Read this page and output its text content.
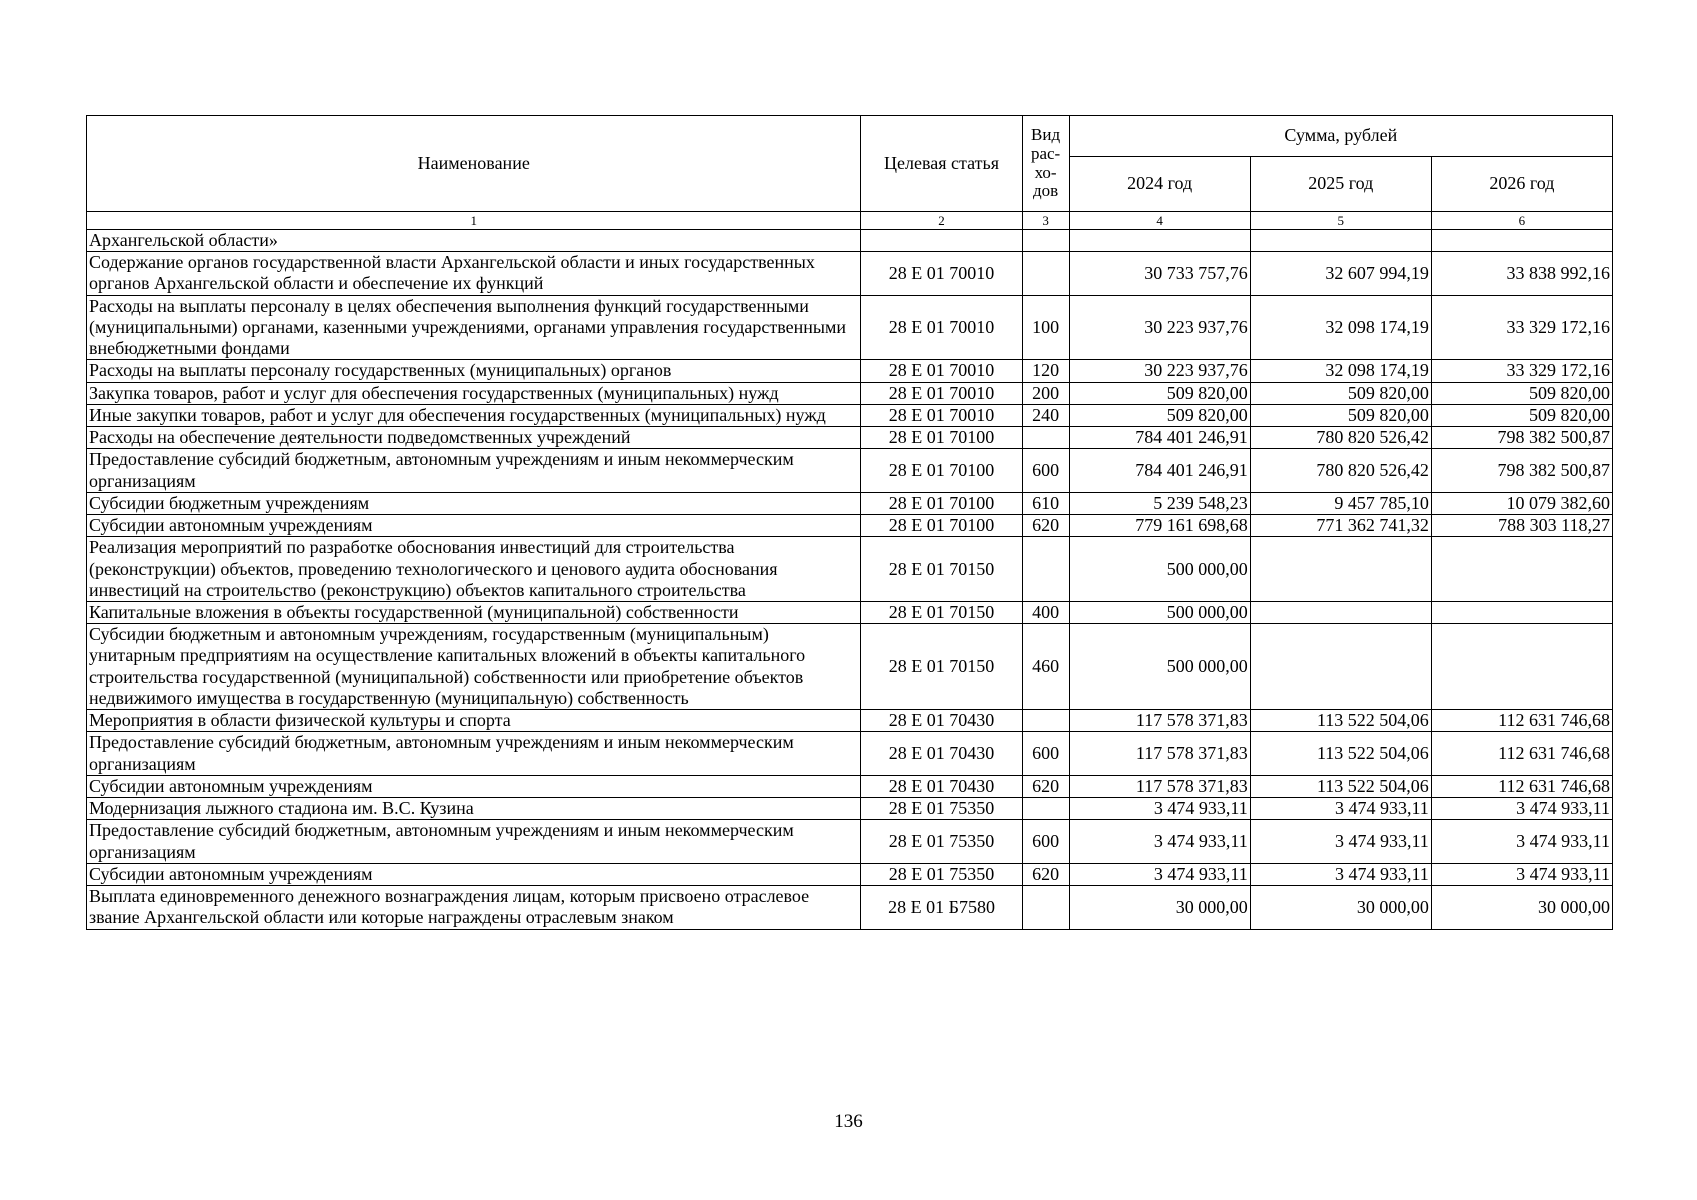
Наименование	Целевая статья	Вид рас-хо-дов	Сумма, рублей		
			2024 год	2025 год	2026 год
1	2	3	4	5	6
Архангельской области»					
Содержание органов государственной власти Архангельской области и иных государственных органов Архангельской области и обеспечение их функций	28 Е 01 70010		30 733 757,76	32 607 994,19	33 838 992,16
Расходы на выплаты персоналу в целях обеспечения выполнения функций государственными (муниципальными) органами, казенными учреждениями, органами управления государственными внебюджетными фондами	28 Е 01 70010	100	30 223 937,76	32 098 174,19	33 329 172,16
Расходы на выплаты персоналу государственных (муниципальных) органов	28 Е 01 70010	120	30 223 937,76	32 098 174,19	33 329 172,16
Закупка товаров, работ и услуг для обеспечения государственных (муниципальных) нужд	28 Е 01 70010	200	509 820,00	509 820,00	509 820,00
Иные закупки товаров, работ и услуг для обеспечения государственных (муниципальных) нужд	28 Е 01 70010	240	509 820,00	509 820,00	509 820,00
Расходы на обеспечение деятельности подведомственных учреждений	28 Е 01 70100		784 401 246,91	780 820 526,42	798 382 500,87
Предоставление субсидий бюджетным, автономным учреждениям и иным некоммерческим организациям	28 Е 01 70100	600	784 401 246,91	780 820 526,42	798 382 500,87
Субсидии бюджетным учреждениям	28 Е 01 70100	610	5 239 548,23	9 457 785,10	10 079 382,60
Субсидии автономным учреждениям	28 Е 01 70100	620	779 161 698,68	771 362 741,32	788 303 118,27
Реализация мероприятий по разработке обоснования инвестиций для строительства (реконструкции) объектов, проведению технологического и ценового аудита обоснования инвестиций на строительство (реконструкцию) объектов капитального строительства	28 Е 01 70150		500 000,00		
Капитальные вложения в объекты государственной (муниципальной) собственности	28 Е 01 70150	400	500 000,00		
Субсидии бюджетным и автономным учреждениям, государственным (муниципальным) унитарным предприятиям на осуществление капитальных вложений в объекты капитального строительства государственной (муниципальной) собственности или приобретение объектов недвижимого имущества в государственную (муниципальную) собственность	28 Е 01 70150	460	500 000,00		
Мероприятия в области физической культуры и спорта	28 Е 01 70430		117 578 371,83	113 522 504,06	112 631 746,68
Предоставление субсидий бюджетным, автономным учреждениям и иным некоммерческим организациям	28 Е 01 70430	600	117 578 371,83	113 522 504,06	112 631 746,68
Субсидии автономным учреждениям	28 Е 01 70430	620	117 578 371,83	113 522 504,06	112 631 746,68
Модернизация лыжного стадиона им. В.С. Кузина	28 Е 01 75350		3 474 933,11	3 474 933,11	3 474 933,11
Предоставление субсидий бюджетным, автономным учреждениям и иным некоммерческим организациям	28 Е 01 75350	600	3 474 933,11	3 474 933,11	3 474 933,11
Субсидии автономным учреждениям	28 Е 01 75350	620	3 474 933,11	3 474 933,11	3 474 933,11
Выплата единовременного денежного вознаграждения лицам, которым присвоено отраслевое звание Архангельской области или которые награждены отраслевым знаком	28 Е 01 Б7580		30 000,00	30 000,00	30 000,00
136
